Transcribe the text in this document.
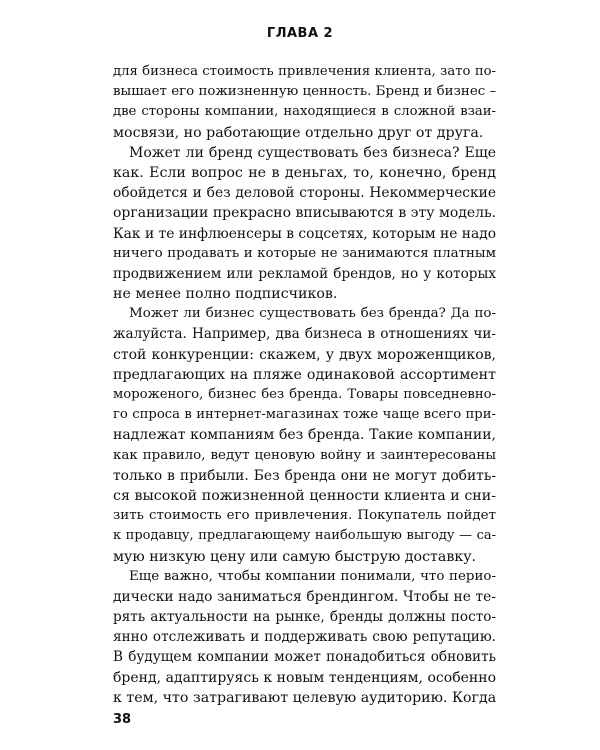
ГЛАВА 2

для бизнеса стоимость привлечения клиента, зато по-
вышает его пожизненную ценность. Бренд и бизнес –
две стороны компании, находящиеся в сложной взаи-
мосвязи, но работающие отдельно друг от друга.

Может ли бренд существовать без бизнеса? Еще
как. Если вопрос не в деньгах, то, конечно, бренд
обойдется и без деловой стороны. Некоммерческие
организации прекрасно вписываются в эту модель.
Как и те инфлюенсеры в соцсетях, которым не надо
ничего продавать и которые не занимаются платным
продвижением или рекламой брендов, но у которых
не менее полно подписчиков.

Может ли бизнес существовать без бренда? Да по-
жалуйста. Например, два бизнеса в отношениях чи-
стой конкуренции: скажем, у двух мороженщиков,
предлагающих на пляже одинаковой ассортимент
мороженого, бизнес без бренда. Товары повседневно-
го спроса в интернет-магазинах тоже чаще всего при-
надлежат компаниям без бренда. Такие компании,
как правило, ведут ценовую войну и заинтересованы
только в прибыли. Без бренда они не могут добить-
ся высокой пожизненной ценности клиента и сни-
зить стоимость его привлечения. Покупатель пойдет
к продавцу, предлагающему наибольшую выгоду — са-
мую низкую цену или самую быструю доставку.

Еще важно, чтобы компании понимали, что перио-
дически надо заниматься брендингом. Чтобы не те-
рять актуальности на рынке, бренды должны посто-
янно отслеживать и поддерживать свою репутацию.
В будущем компании может понадобиться обновить
бренд, адаптируясь к новым тенденциям, особенно
к тем, что затрагивают целевую аудиторию. Когда

38
